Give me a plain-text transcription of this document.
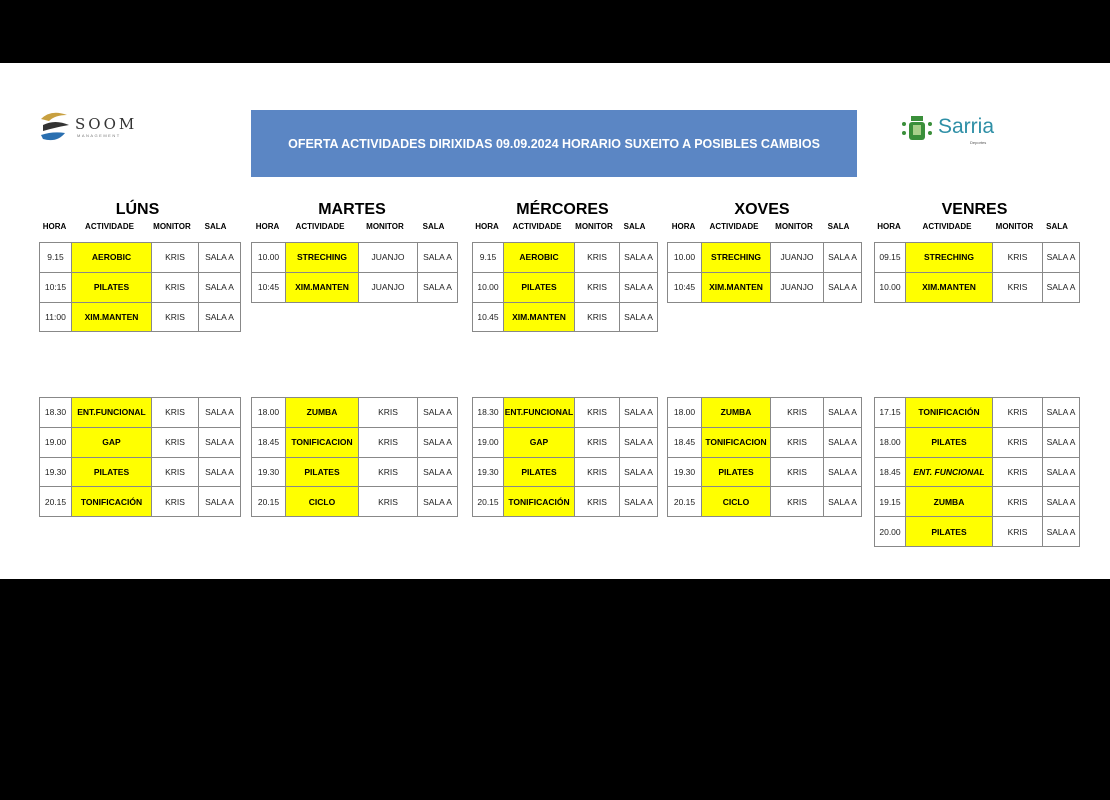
SOOM
MANAGEMENT
OFERTA ACTIVIDADES DIRIXIDAS 09.09.2024 HORARIO SUXEITO A POSIBLES CAMBIOS
Sarria
Deportes
LÚNS
HORA	ACTIVIDADE	MONITOR	SALA
9.15	AEROBIC	KRIS	SALA A
10:15	PILATES	KRIS	SALA A
11:00	XIM.MANTEN	KRIS	SALA A
18.30	ENT.FUNCIONAL	KRIS	SALA A
19.00	GAP	KRIS	SALA A
19.30	PILATES	KRIS	SALA A
20.15	TONIFICACIÓN	KRIS	SALA A
MARTES
HORA	ACTIVIDADE	MONITOR	SALA
10.00	STRECHING	JUANJO	SALA A
10:45	XIM.MANTEN	JUANJO	SALA A
18.00	ZUMBA	KRIS	SALA A
18.45	TONIFICACION	KRIS	SALA A
19.30	PILATES	KRIS	SALA A
20.15	CICLO	KRIS	SALA A
MÉRCORES
HORA	ACTIVIDADE	MONITOR	SALA
9.15	AEROBIC	KRIS	SALA A
10.00	PILATES	KRIS	SALA A
10.45	XIM.MANTEN	KRIS	SALA A
18.30	ENT.FUNCIONAL	KRIS	SALA A
19.00	GAP	KRIS	SALA A
19.30	PILATES	KRIS	SALA A
20.15	TONIFICACIÓN	KRIS	SALA A
XOVES
HORA	ACTIVIDADE	MONITOR	SALA
10.00	STRECHING	JUANJO	SALA A
10:45	XIM.MANTEN	JUANJO	SALA A
18.00	ZUMBA	KRIS	SALA A
18.45	TONIFICACION	KRIS	SALA A
19.30	PILATES	KRIS	SALA A
20.15	CICLO	KRIS	SALA A
VENRES
HORA	ACTIVIDADE	MONITOR	SALA
09.15	STRECHING	KRIS	SALA A
10.00	XIM.MANTEN	KRIS	SALA A
17.15	TONIFICACIÓN	KRIS	SALA A
18.00	PILATES	KRIS	SALA A
18.45	ENT. FUNCIONAL	KRIS	SALA A
19.15	ZUMBA	KRIS	SALA A
20.00	PILATES	KRIS	SALA A
